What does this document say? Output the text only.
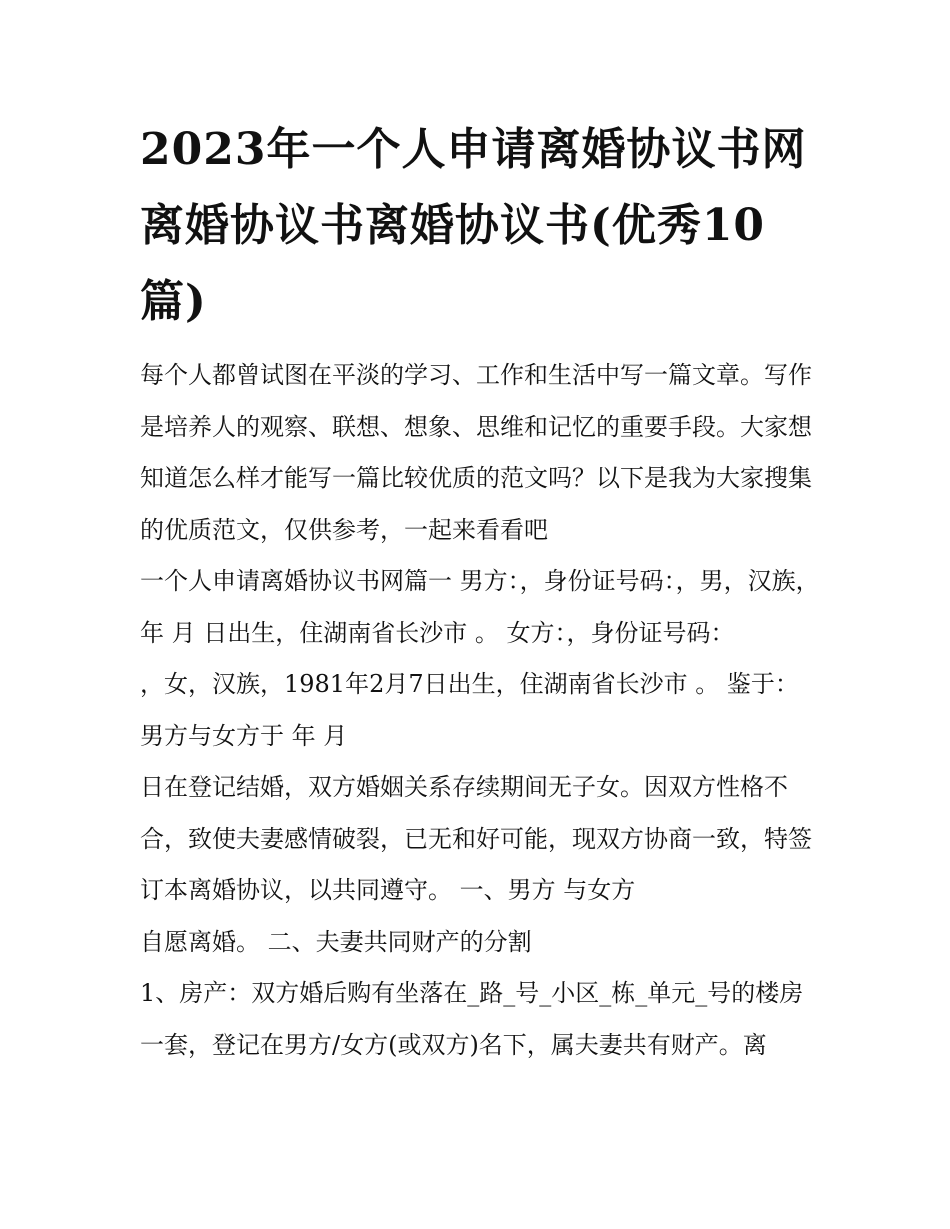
2023年一个人申请离婚协议书网 离婚协议书离婚协议书(优秀10篇)

每个人都曾试图在平淡的学习、工作和生活中写一篇文章。写作是培养人的观察、联想、想象、思维和记忆的重要手段。大家想知道怎么样才能写一篇比较优质的范文吗？以下是我为大家搜集的优质范文，仅供参考，一起来看看吧

一个人申请离婚协议书网篇一 男方：，身份证号码：，男，汉族， 年 月 日出生，住湖南省长沙市 。 女方：，身份证号码：

，女，汉族，1981年2月7日出生，住湖南省长沙市 。 鉴于： 男方与女方于 年 月

日在登记结婚，双方婚姻关系存续期间无子女。因双方性格不合，致使夫妻感情破裂，已无和好可能，现双方协商一致，特签订本离婚协议，以共同遵守。 一、男方 与女方

自愿离婚。 二、夫妻共同财产的分割

1、房产：双方婚后购有坐落在_路_号_小区_栋_单元_号的楼房一套，登记在男方/女方(或双方)名下，属夫妻共有财产。离
